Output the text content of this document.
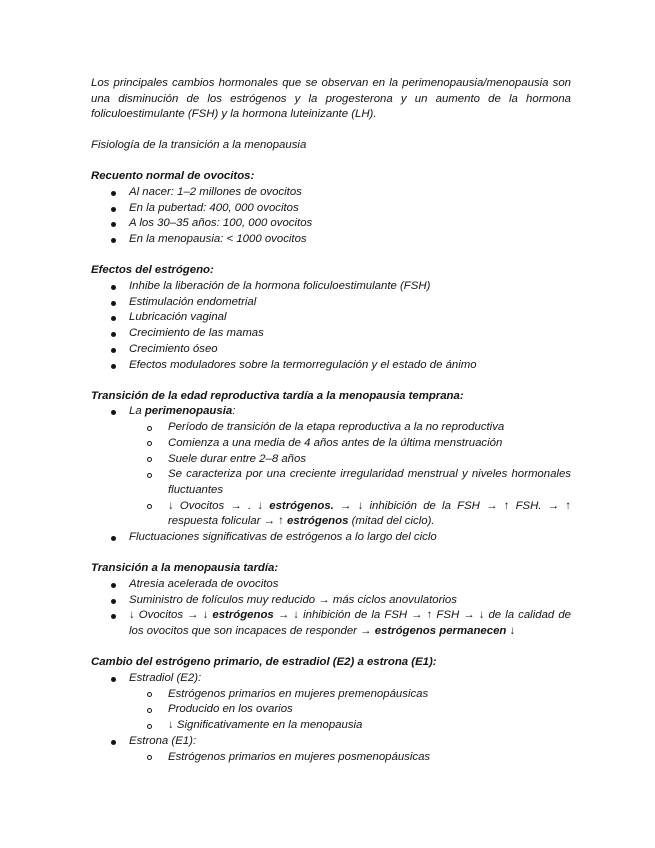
Los principales cambios hormonales que se observan en la perimenopausia/menopausia son una disminución de los estrógenos y la progesterona y un aumento de la hormona foliculoestimulante (FSH) y la hormona luteinizante (LH).

Fisiología de la transición a la menopausia

Recuento normal de ovocitos:

Al nacer: 1–2 millones de ovocitos
En la pubertad: 400, 000 ovocitos
A los 30–35 años: 100, 000 ovocitos
En la menopausia: < 1000 ovocitos

Efectos del estrógeno:

Inhibe la liberación de la hormona foliculoestimulante (FSH)
Estimulación endometrial
Lubricación vaginal
Crecimiento de las mamas
Crecimiento óseo
Efectos moduladores sobre la termorregulación y el estado de ánimo

Transición de la edad reproductiva tardía a la menopausia temprana:

La perimenopausia:
Período de transición de la etapa reproductiva a la no reproductiva
Comienza a una media de 4 años antes de la última menstruación
Suele durar entre 2–8 años
Se caracteriza por una creciente irregularidad menstrual y niveles hormonales fluctuantes
↓ Ovocitos → . ↓ estrógenos. → ↓ inhibición de la FSH → ↑ FSH. → ↑ respuesta folicular → ↑ estrógenos (mitad del ciclo).
Fluctuaciones significativas de estrógenos a lo largo del ciclo

Transición a la menopausia tardía:

Atresia acelerada de ovocitos
Suministro de folículos muy reducido → más ciclos anovulatorios
↓ Ovocitos → ↓ estrógenos → ↓ inhibición de la FSH → ↑ FSH → ↓ de la calidad de los ovocitos que son incapaces de responder → estrógenos permanecen ↓

Cambio del estrógeno primario, de estradiol (E2) a estrona (E1):

Estradiol (E2):
Estrógenos primarios en mujeres premenopáusicas
Producido en los ovarios
↓ Significativamente en la menopausia
Estrona (E1):
Estrógenos primarios en mujeres posmenopáusicas
